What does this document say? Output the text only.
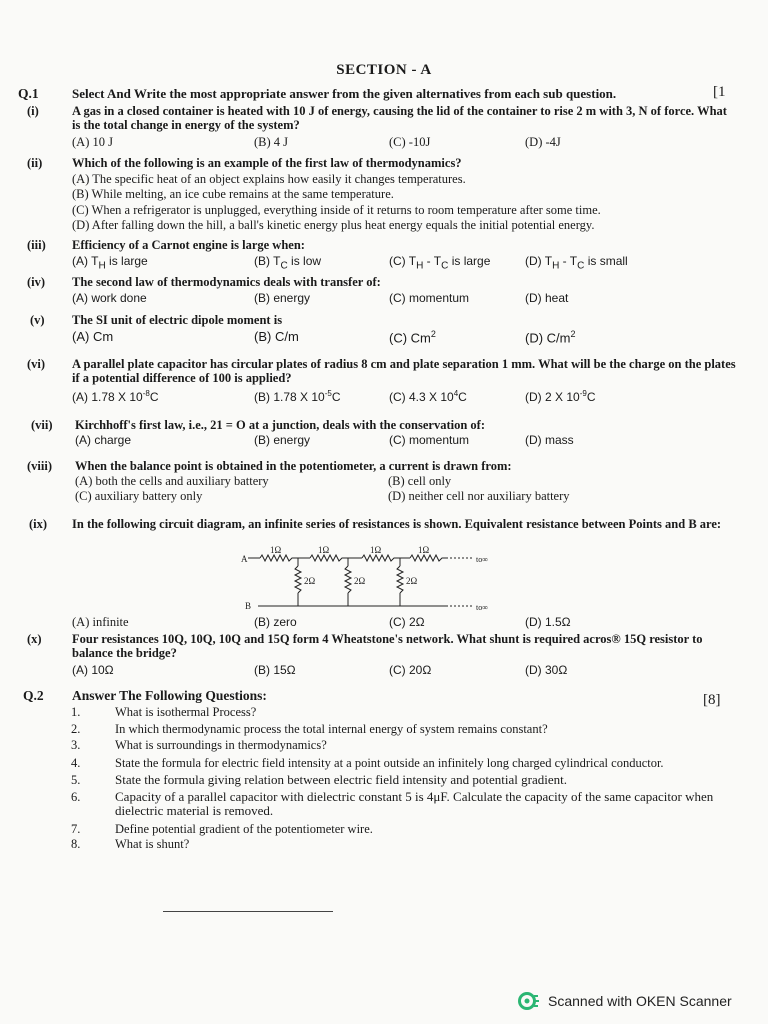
SECTION - A
Q.1	Select And Write the most appropriate answer from the given alternatives from each sub question.	[1
(i)	A gas in a closed container is heated with 10 J of energy, causing the lid of the container to rise 2 m with 3, N of force. What is the total change in energy of the system?
(A) 10 J	(B) 4 J	(C) -10J	(D) -4J
(ii) Which of the following is an example of the first law of thermodynamics?
(A) The specific heat of an object explains how easily it changes temperatures.
(B) While melting, an ice cube remains at the same temperature.
(C) When a refrigerator is unplugged, everything inside of it returns to room temperature after some time.
(D) After falling down the hill, a ball's kinetic energy plus heat energy equals the initial potential energy.
(iii) Efficiency of a Carnot engine is large when:
(A) $T_H$ is large	(B) $T_C$ is low	(C) $T_H - T_C$ is large	(D) $T_H - T_C$ is small
(iv) The second law of thermodynamics deals with transfer of:
(A) work done	(B) energy	(C) momentum	(D) heat
(v) The SI unit of electric dipole moment is
(A) Cm	(B) C/m	(C) Cm$^2$	(D) $C/m^2$
(vi) A parallel plate capacitor has circular plates of radius 8 cm and plate separation 1 mm. What will be the charge on the plates if a potential difference of 100 is applied?
(A) 1.78 X $10^{-8}C$	(B) 1.78 X $10^{-5}C$	(C) 4.3 X $10^4C$	(D) 2 X $10^{-9}C$
(vii) Kirchhoff's first law, i.e., 21 = O at a junction, deals with the conservation of:
(A) charge	(B) energy	(C) momentum	(D) mass
(viii) When the balance point is obtained in the potentiometer, a current is drawn from:
(A) both the cells and auxiliary battery	(B) cell only
(C) auxiliary battery only	(D) neither cell nor auxiliary battery
(ix) In the following circuit diagram, an infinite series of resistances is shown. Equivalent resistance between Points and B are:
A
B
1Ω	1Ω	1Ω	1Ω
2Ω	2Ω	2Ω
to∞
to∞
(A) infinite	(B) zero	(C) 2Ω	(D) 1.5Ω
(x) Four resistances 10Q, 10Q, 10Q and 15Q form 4 Wheatstone's network. What shunt is required acros® 15Q resistor to balance the bridge?
(A) 10Ω	(B) 15Ω	(C) 20Ω	(D) 30Ω
Q.2 Answer The Following Questions:	[8]
1.	What is isothermal Process?
2.	In which thermodynamic process the total internal energy of system remains constant?
3.	What is surroundings in thermodynamics?
4.	State the formula for electric field intensity at a point outside an infinitely long charged cylindrical conductor.
5.	State the formula giving relation between electric field intensity and potential gradient.
6.	Capacity of a parallel capacitor with dielectric constant 5 is 4μF. Calculate the capacity of the same capacitor when dielectric material is removed.
7.	Define potential gradient of the potentiometer wire.
8.	What is shunt?
Scanned with OKEN Scanner
